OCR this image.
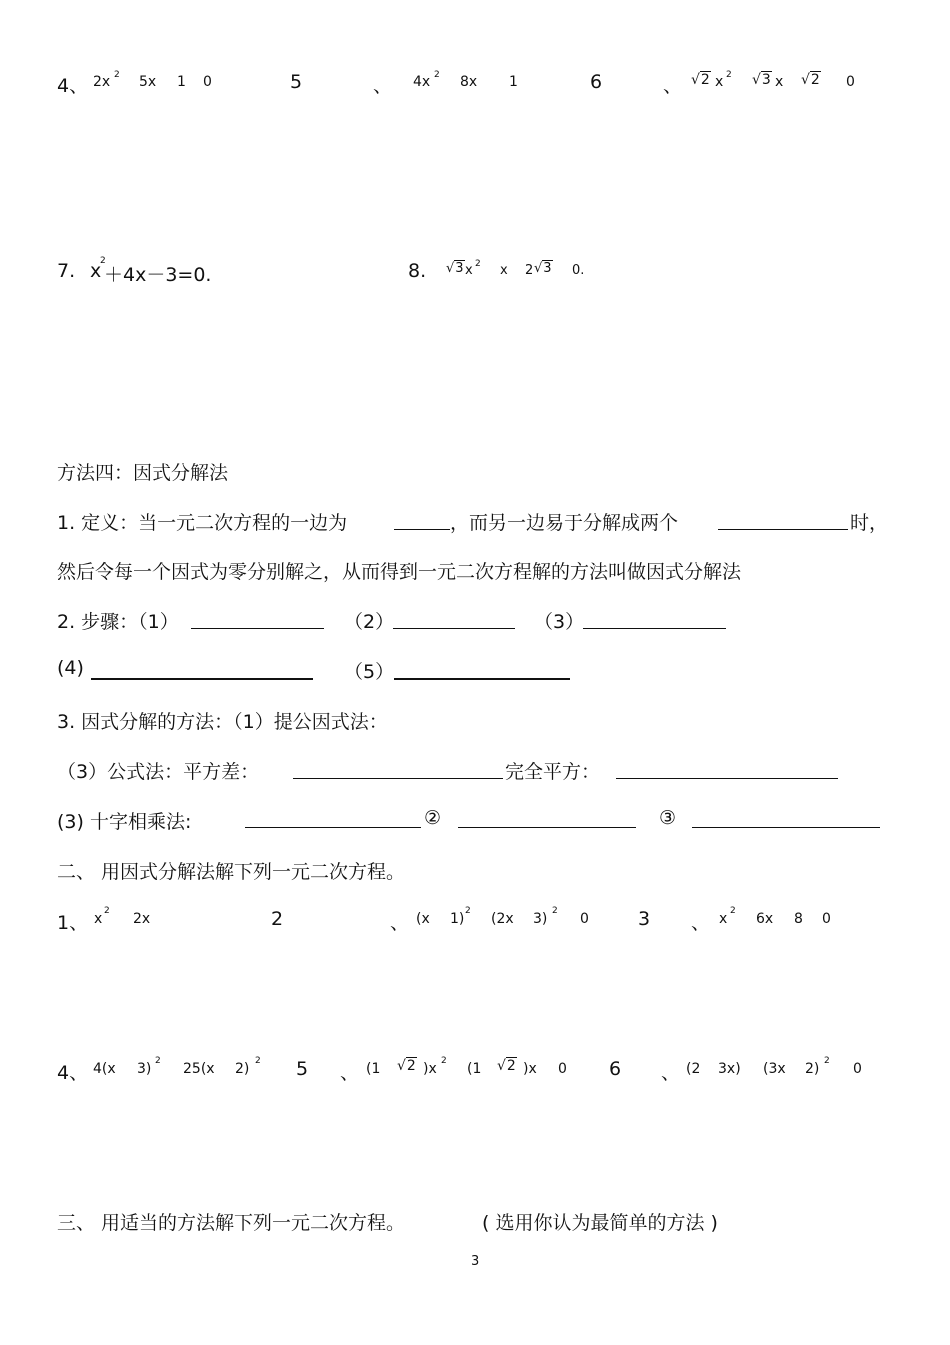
4、 2x 2 5x 1 0	5	、 4x 2 8x 1	6	、 √2 x 2 √3 x √2 0
7. x
2
＋4x－3=0.	8. √3 x 2 x 2 √3 0.
方法四：因式分解法
1. 定义：当一元二次方程的一边为	，而另一边易于分解成两个	时，
然后令每一个因式为零分别解之，从而得到一元二次方程解的方法叫做因式分解法
2. 步骤：（1）	（2）	（3）
(4)	（5）
3. 因式分解的方法：（1）提公因式法：
（3）公式法：平方差：	完全平方：
(3) 十字相乘法:	②	③
二、 用因式分解法解下列一元二次方程。
1、 x 2 2x	2	、 (x 1) 2 (2x 3) 2 0	3 、 x 2 6x 8 0
4、 4(x 3) 2 25(x 2) 2 5 、 (1 √2 )x 2 (1 √2 )x 0 6 、 (2 3x) (3x 2) 2 0
三、 用适当的方法解下列一元二次方程。	( 选用你认为最简单的方法 )
3
